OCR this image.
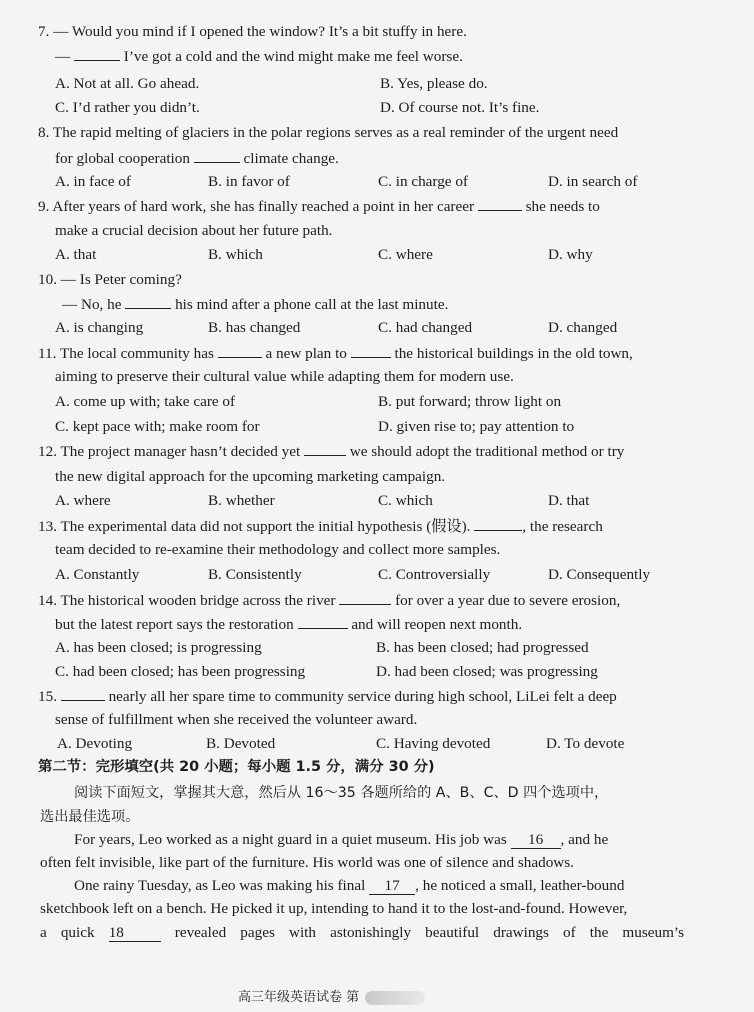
7. — Would you mind if I opened the window? It’s a bit stuffy in here.
—	I’ve got a cold and the wind might make me feel worse.
A. Not at all. Go ahead.	B. Yes, please do.
C. I’d rather you didn’t.	D. Of course not. It’s fine.
8. The rapid melting of glaciers in the polar regions serves as a real reminder of the urgent need
for global cooperation	climate change.
A. in face of	B. in favor of	C. in charge of	D. in search of
9. After years of hard work, she has finally reached a point in her career	she needs to
make a crucial decision about her future path.
A. that	B. which	C. where	D. why
10. — Is Peter coming?
— No, he	his mind after a phone call at the last minute.
A. is changing	B. has changed	C. had changed	D. changed
11. The local community has	a new plan to	the historical buildings in the old town,
aiming to preserve their cultural value while adapting them for modern use.
A. come up with; take care of	B. put forward; throw light on
C. kept pace with; make room for	D. given rise to; pay attention to
12. The project manager hasn’t decided yet	we should adopt the traditional method or try
the new digital approach for the upcoming marketing campaign.
A. where	B. whether	C. which	D. that
13. The experimental data did not support the initial hypothesis (假设).	, the research
team decided to re-examine their methodology and collect more samples.
A. Constantly	B. Consistently	C. Controversially	D. Consequently
14. The historical wooden bridge across the river	for over a year due to severe erosion,
but the latest report says the restoration	and will reopen next month.
A. has been closed; is progressing	B. has been closed; had progressed
C. had been closed; has been progressing	D. had been closed; was progressing
15.	nearly all her spare time to community service during high school, LiLei felt a deep
sense of fulfillment when she received the volunteer award.
A. Devoting	B. Devoted	C. Having devoted	D. To devote
第二节：完形填空(共 20 小题；每小题 1.5 分，满分 30 分)
阅读下面短文，掌握其大意，然后从 16～35 各题所给的 A、B、C、D 四个选项中，
选出最佳选项。
For years, Leo worked as a night guard in a quiet museum. His job was 16 , and he
often felt invisible, like part of the furniture. His world was one of silence and shadows.
One rainy Tuesday, as Leo was making his final 17 , he noticed a small, leather-bound
sketchbook left on a bench. He picked it up, intending to hand it to the lost-and-found. However,
a quick 18 revealed pages with astonishingly beautiful drawings of the museum’s
高三年级英语试卷 第
